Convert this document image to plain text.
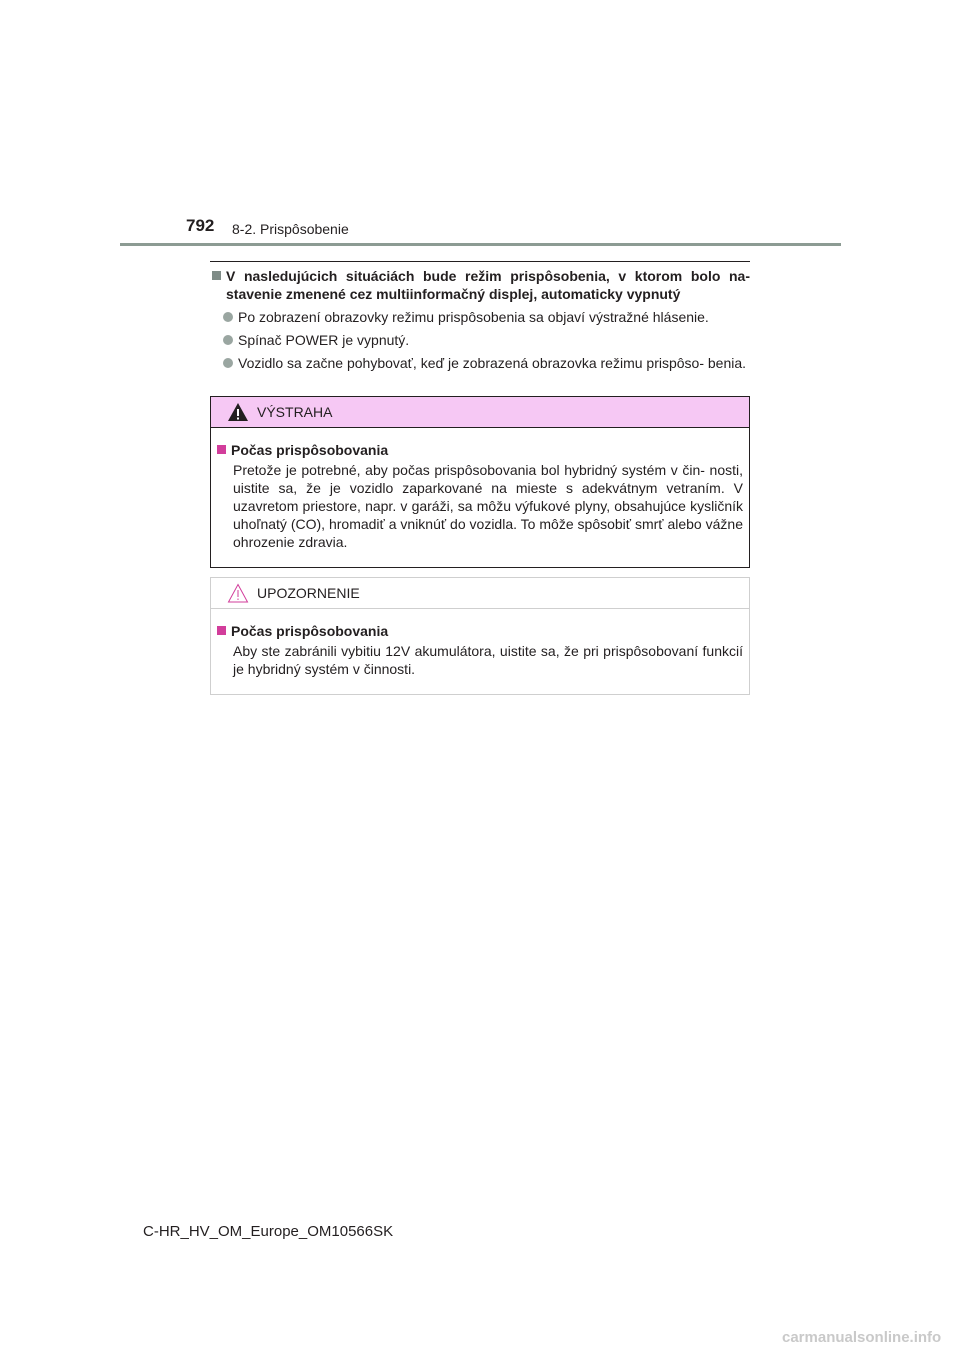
792 8-2. Prispôsobenie
V nasledujúcich situáciách bude režim prispôsobenia, v ktorom bolo na- stavenie zmenené cez multiinformačný displej, automaticky vypnutý
Po zobrazení obrazovky režimu prispôsobenia sa objaví výstražné hlásenie.
Spínač POWER je vypnutý.
Vozidlo sa začne pohybovať, keď je zobrazená obrazovka režimu prispôso- benia.
VÝSTRAHA
Počas prispôsobovania
Pretože je potrebné, aby počas prispôsobovania bol hybridný systém v čin- nosti, uistite sa, že je vozidlo zaparkované na mieste s adekvátnym vetraním. V uzavretom priestore, napr. v garáži, sa môžu výfukové plyny, obsahujúce kysličník uhoľnatý (CO), hromadiť a vniknúť do vozidla. To môže spôsobiť smrť alebo vážne ohrozenie zdravia.
UPOZORNENIE
Počas prispôsobovania
Aby ste zabránili vybitiu 12V akumulátora, uistite sa, že pri prispôsobovaní funkcií je hybridný systém v činnosti.
C-HR_HV_OM_Europe_OM10566SK
carmanualsonline.info
